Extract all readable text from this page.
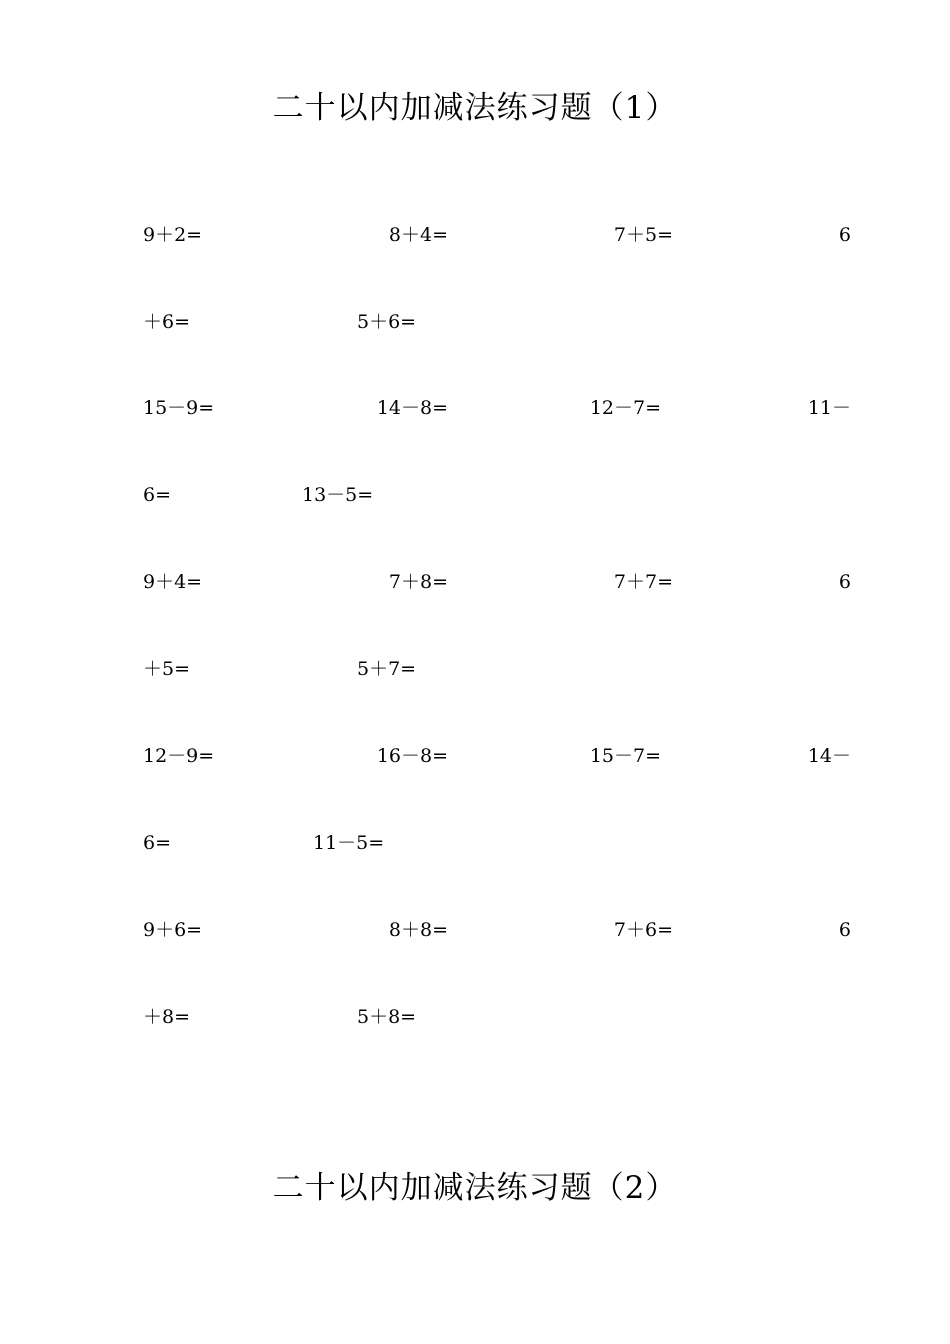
二十以内加减法练习题（1）
9＋2=	8＋4=	7＋5=	6
＋6=	5＋6=
15－9=	14－8=	12－7=	11－
6=	13－5=
9＋4=	7＋8=	7＋7=	6
＋5=	5＋7=
12－9=	16－8=	15－7=	14－
6=	11－5=
9＋6=	8＋8=	7＋6=	6
＋8=	5＋8=
二十以内加减法练习题（2）
